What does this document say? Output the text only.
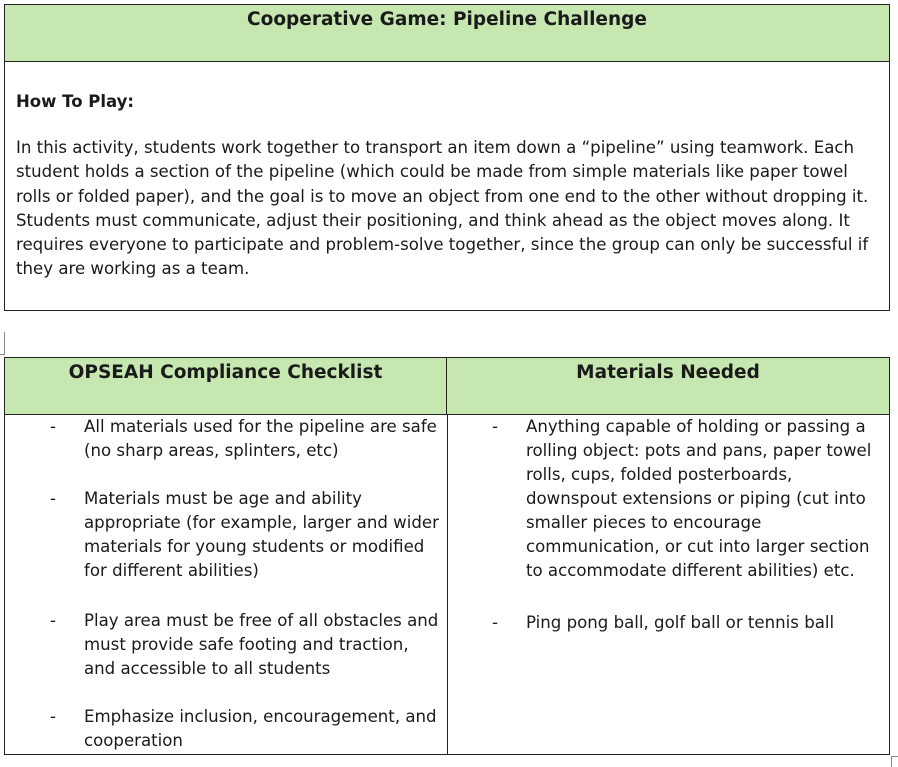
Cooperative Game: Pipeline Challenge
How To Play:
In this activity, students work together to transport an item down a “pipeline” using teamwork. Each student holds a section of the pipeline (which could be made from simple materials like paper towel rolls or folded paper), and the goal is to move an object from one end to the other without dropping it. Students must communicate, adjust their positioning, and think ahead as the object moves along. It requires everyone to participate and problem-solve together, since the group can only be successful if they are working as a team.
OPSEAH Compliance Checklist	Materials Needed
- All materials used for the pipeline are safe (no sharp areas, splinters, etc)
- Materials must be age and ability appropriate (for example, larger and wider materials for young students or modified for different abilities)
- Play area must be free of all obstacles and must provide safe footing and traction, and accessible to all students
- Emphasize inclusion, encouragement, and cooperation
- Anything capable of holding or passing a rolling object: pots and pans, paper towel rolls, cups, folded posterboards, downspout extensions or piping (cut into smaller pieces to encourage communication, or cut into larger section to accommodate different abilities) etc.
- Ping pong ball, golf ball or tennis ball
